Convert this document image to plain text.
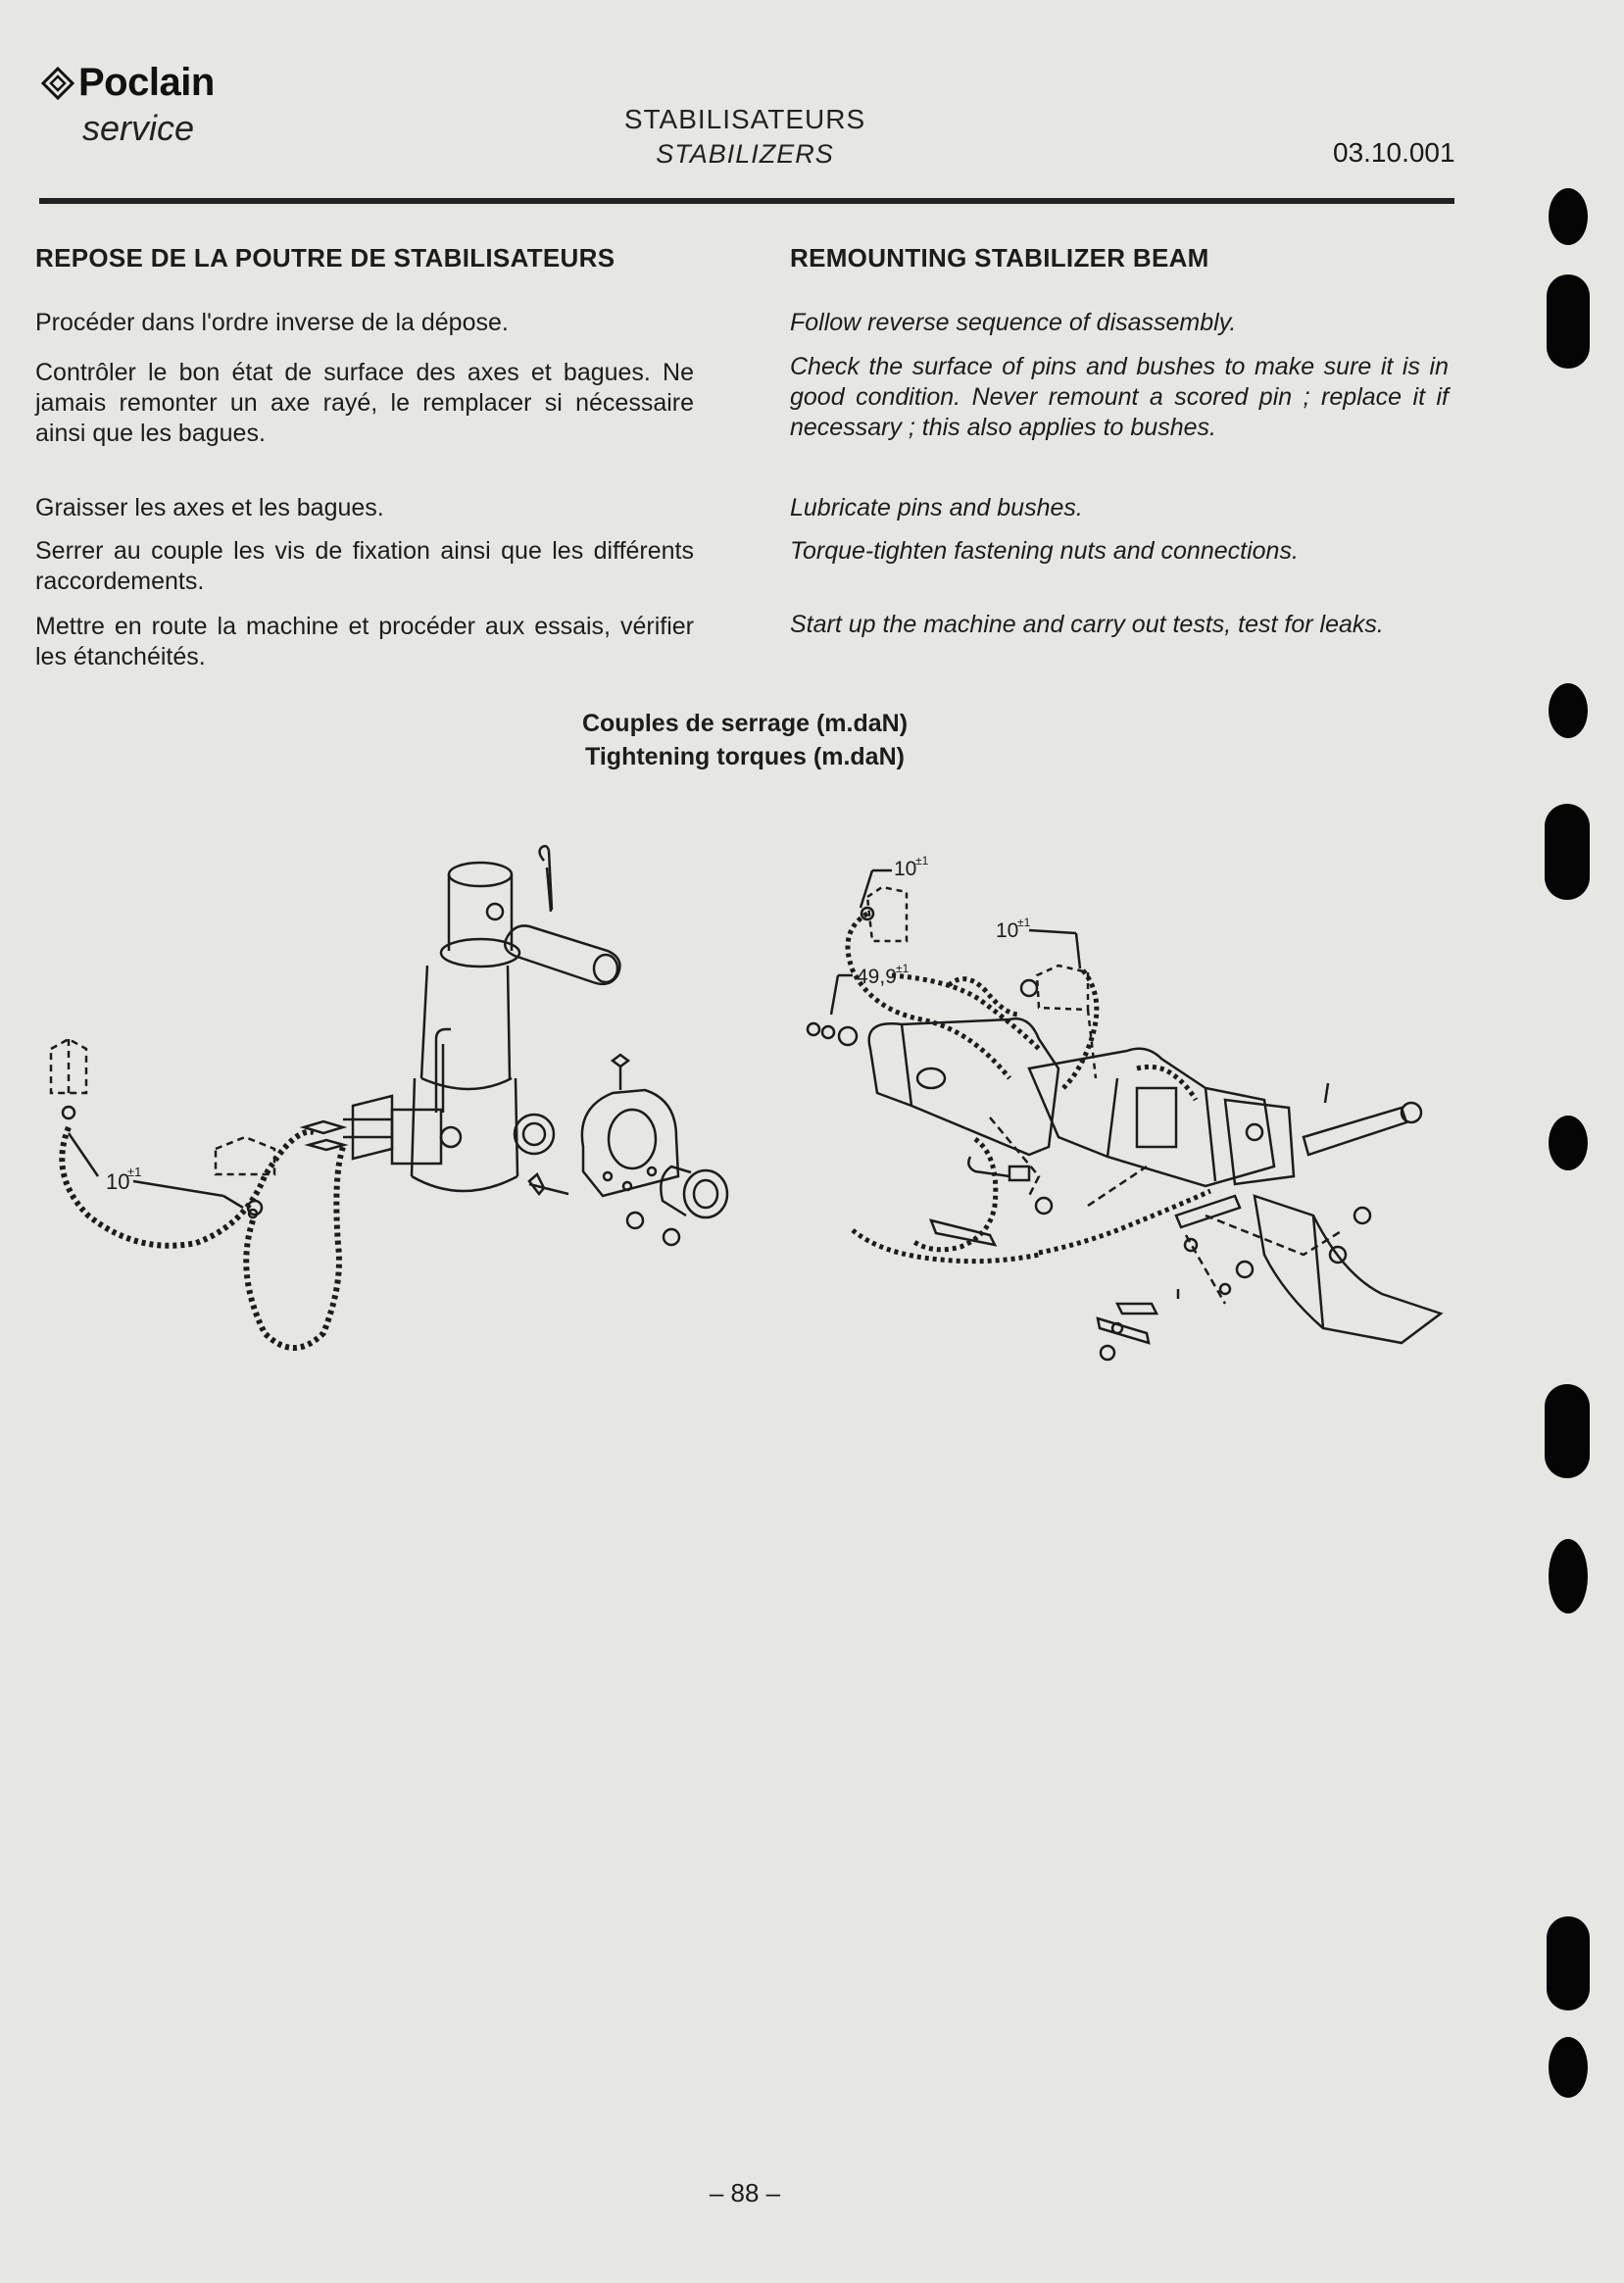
Poclain
service	STABILISATEURS
STABILIZERS	03.10.001
REPOSE DE LA POUTRE DE STABILISATEURS

Procéder dans l'ordre inverse de la dépose.

Contrôler le bon état de surface des axes et bagues. Ne jamais remonter un axe rayé, le remplacer si nécessaire ainsi que les bagues.

Graisser les axes et les bagues.

Serrer au couple les vis de fixation ainsi que les différents raccordements.

Mettre en route la machine et procéder aux essais, vérifier les étanchéités.

REMOUNTING STABILIZER BEAM

Follow reverse sequence of disassembly.

Check the surface of pins and bushes to make sure it is in good condition. Never remount a scored pin ; replace it if necessary ; this also applies to bushes.

Lubricate pins and bushes.

Torque-tighten fastening nuts and connections.

Start up the machine and carry out tests, test for leaks.

Couples de serrage (m.daN)
Tightening torques (m.daN)
10
±1
10
±1
10
±1
49,9 ±1
– 88 –
